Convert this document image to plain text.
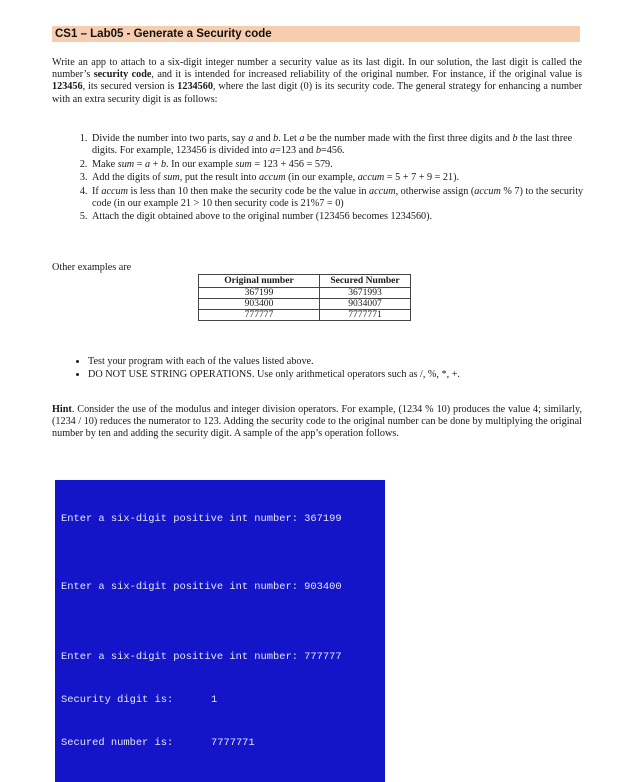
CS1 – Lab05 - Generate a Security code
Write an app to attach to a six-digit integer number a security value as its last digit. In our solution, the last digit is called the number’s security code, and it is intended for increased reliability of the original number. For instance, if the original value is 123456, its secured version is 1234560, where the last digit (0) is its security code. The general strategy for enhancing a number with an extra security digit is as follows:
1. Divide the number into two parts, say a and b. Let a be the number made with the first three digits and b the last three digits. For example, 123456 is divided into a=123 and b=456.
2. Make sum = a + b. In our example sum = 123 + 456 = 579.
3. Add the digits of sum, put the result into accum (in our example, accum = 5 + 7 + 9 = 21).
4. If accum is less than 10 then make the security code be the value in accum, otherwise assign (accum % 7) to the security code (in our example 21 > 10 then security code is 21%7 = 0)
5. Attach the digit obtained above to the original number (123456 becomes 1234560).
Other examples are
Original number	Secured Number
367199	3671993
903400	9034007
777777	7777771
• Test your program with each of the values listed above.
• DO NOT USE STRING OPERATIONS. Use only arithmetical operators such as /, %, *, +.
Hint. Consider the use of the modulus and integer division operators. For example, (1234 % 10) produces the value 4; similarly, (1234 / 10) reduces the numerator to 123. Adding the security code to the original number can be done by multiplying the original number by ten and adding the security digit. A sample of the app’s operation follows.

Enter a six-digit positive int number: 367199

Enter a six-digit positive int number: 903400

Enter a six-digit positive int number: 777777

Security digit is:	1

Secured number is:	7777771
